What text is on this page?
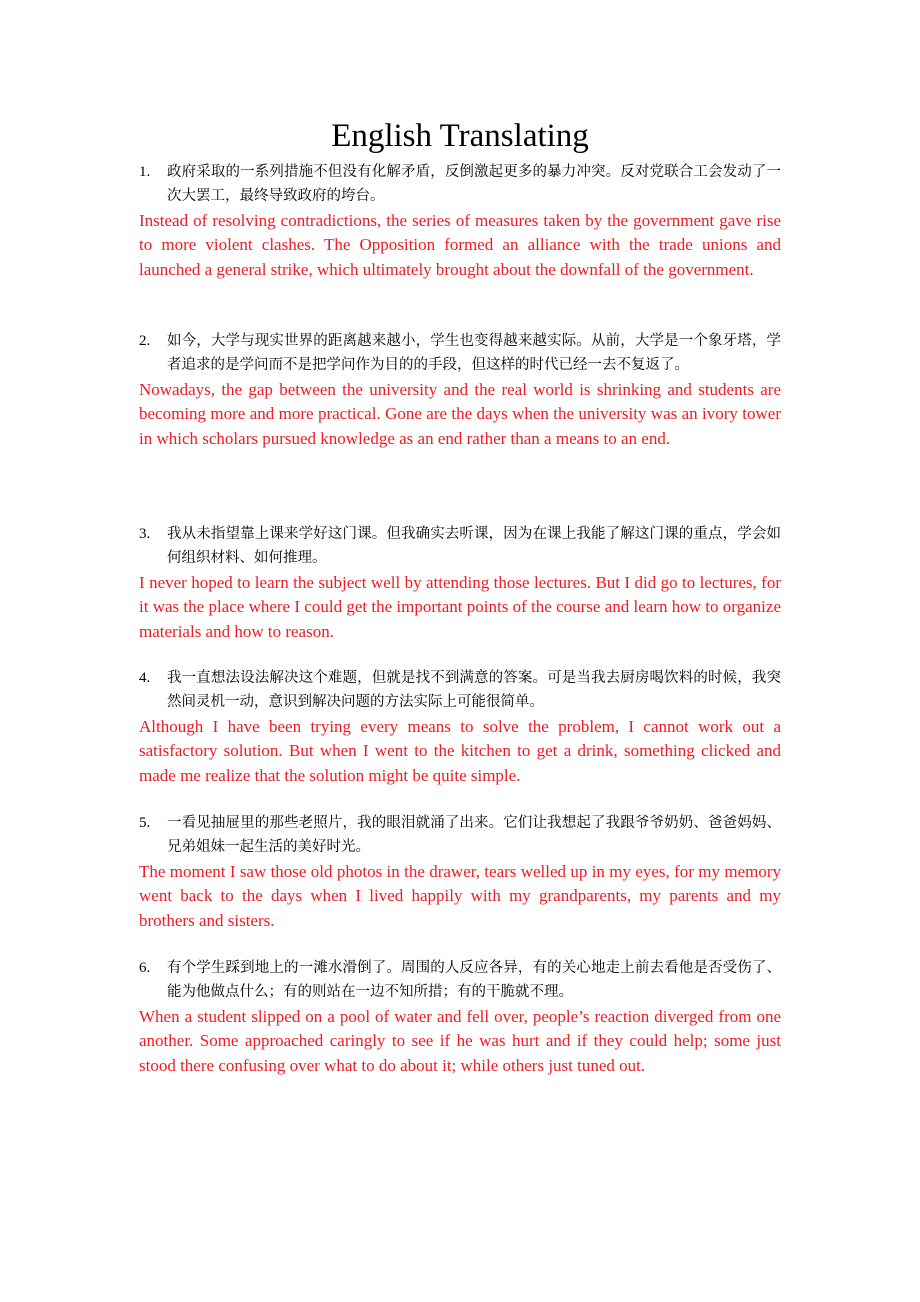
English Translating
1. 政府采取的一系列措施不但没有化解矛盾，反倒激起更多的暴力冲突。反对党联合工会发动了一次大罢工，最终导致政府的垮台。
Instead of resolving contradictions, the series of measures taken by the government gave rise to more violent clashes. The Opposition formed an alliance with the trade unions and launched a general strike, which ultimately brought about the downfall of the government.
2. 如今，大学与现实世界的距离越来越小，学生也变得越来越实际。从前，大学是一个象牙塔，学者追求的是学问而不是把学问作为目的的手段，但这样的时代已经一去不复返了。
Nowadays, the gap between the university and the real world is shrinking and students are becoming more and more practical. Gone are the days when the university was an ivory tower in which scholars pursued knowledge as an end rather than a means to an end.
3. 我从未指望靠上课来学好这门课。但我确实去听课，因为在课上我能了解这门课的重点，学会如何组织材料、如何推理。
I never hoped to learn the subject well by attending those lectures. But I did go to lectures, for it was the place where I could get the important points of the course and learn how to organize materials and how to reason.
4. 我一直想法设法解决这个难题，但就是找不到满意的答案。可是当我去厨房喝饮料的时候，我突然间灵机一动，意识到解决问题的方法实际上可能很简单。
Although I have been trying every means to solve the problem, I cannot work out a satisfactory solution. But when I went to the kitchen to get a drink, something clicked and made me realize that the solution might be quite simple.
5. 一看见抽屉里的那些老照片，我的眼泪就涌了出来。它们让我想起了我跟爷爷奶奶、爸爸妈妈、兄弟姐妹一起生活的美好时光。
The moment I saw those old photos in the drawer, tears welled up in my eyes, for my memory went back to the days when I lived happily with my grandparents, my parents and my brothers and sisters.
6. 有个学生踩到地上的一滩水滑倒了。周围的人反应各异，有的关心地走上前去看他是否受伤了、能为他做点什么；有的则站在一边不知所措；有的干脆就不理。
When a student slipped on a pool of water and fell over, people’s reaction diverged from one another. Some approached caringly to see if he was hurt and if they could help; some just stood there confusing over what to do about it; while others just tuned out.
